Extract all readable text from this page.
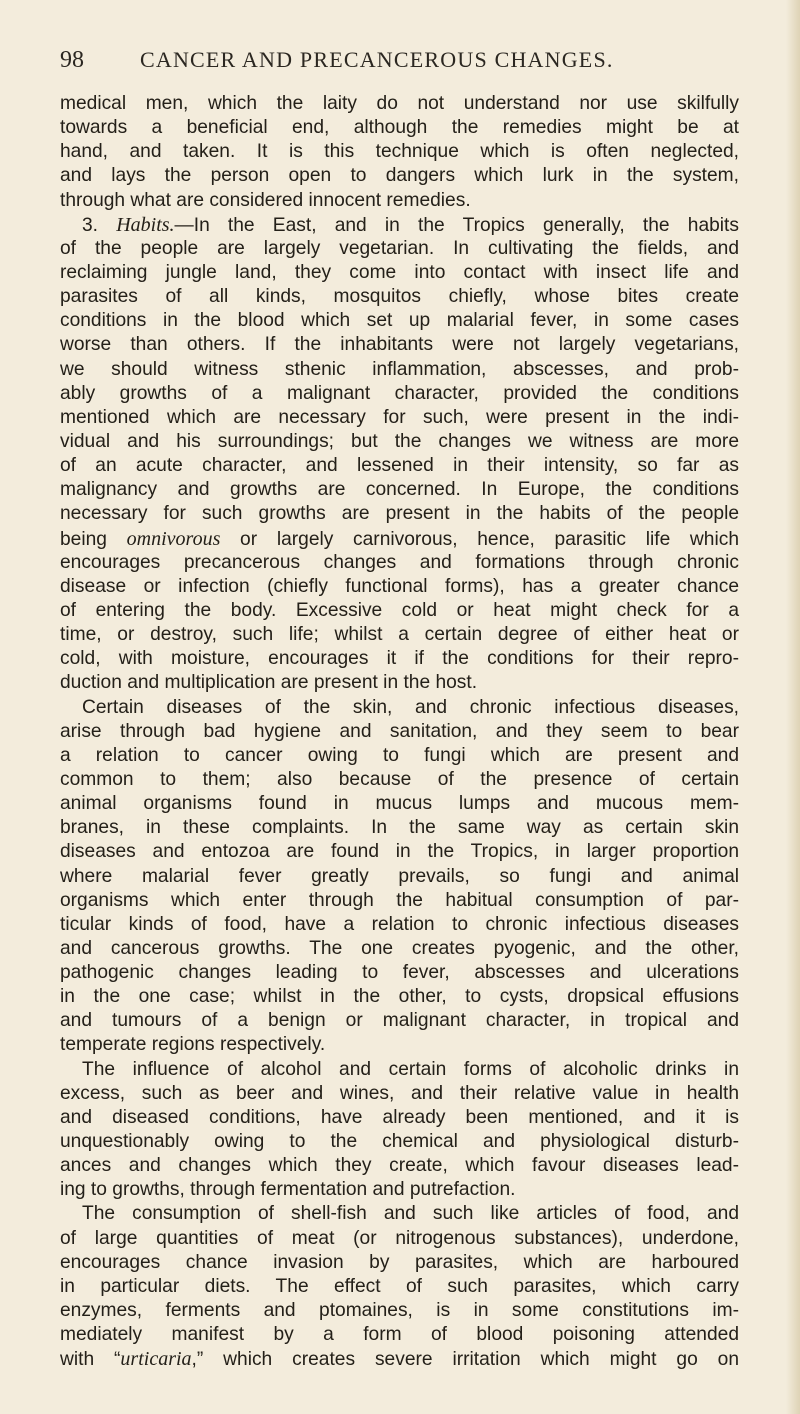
98	CANCER AND PRECANCEROUS CHANGES.
medical men, which the laity do not understand nor use skilfully
towards a beneficial end, although the remedies might be at
hand, and taken. It is this technique which is often neglected,
and lays the person open to dangers which lurk in the system,
through what are considered innocent remedies.
3. Habits.—In the East, and in the Tropics generally, the habits
of the people are largely vegetarian. In cultivating the fields, and
reclaiming jungle land, they come into contact with insect life and
parasites of all kinds, mosquitos chiefly, whose bites create
conditions in the blood which set up malarial fever, in some cases
worse than others. If the inhabitants were not largely vegetarians,
we should witness sthenic inflammation, abscesses, and prob-
ably growths of a malignant character, provided the conditions
mentioned which are necessary for such, were present in the indi-
vidual and his surroundings; but the changes we witness are more
of an acute character, and lessened in their intensity, so far as
malignancy and growths are concerned. In Europe, the conditions
necessary for such growths are present in the habits of the people
being omnivorous or largely carnivorous, hence, parasitic life which
encourages precancerous changes and formations through chronic
disease or infection (chiefly functional forms), has a greater chance
of entering the body. Excessive cold or heat might check for a
time, or destroy, such life; whilst a certain degree of either heat or
cold, with moisture, encourages it if the conditions for their repro-
duction and multiplication are present in the host.
Certain diseases of the skin, and chronic infectious diseases,
arise through bad hygiene and sanitation, and they seem to bear
a relation to cancer owing to fungi which are present and
common to them; also because of the presence of certain
animal organisms found in mucus lumps and mucous mem-
branes, in these complaints. In the same way as certain skin
diseases and entozoa are found in the Tropics, in larger proportion
where malarial fever greatly prevails, so fungi and animal
organisms which enter through the habitual consumption of par-
ticular kinds of food, have a relation to chronic infectious diseases
and cancerous growths. The one creates pyogenic, and the other,
pathogenic changes leading to fever, abscesses and ulcerations
in the one case; whilst in the other, to cysts, dropsical effusions
and tumours of a benign or malignant character, in tropical and
temperate regions respectively.
The influence of alcohol and certain forms of alcoholic drinks in
excess, such as beer and wines, and their relative value in health
and diseased conditions, have already been mentioned, and it is
unquestionably owing to the chemical and physiological disturb-
ances and changes which they create, which favour diseases lead-
ing to growths, through fermentation and putrefaction.
The consumption of shell-fish and such like articles of food, and
of large quantities of meat (or nitrogenous substances), underdone,
encourages chance invasion by parasites, which are harboured
in particular diets. The effect of such parasites, which carry
enzymes, ferments and ptomaines, is in some constitutions im-
mediately manifest by a form of blood poisoning attended
with “urticaria,” which creates severe irritation which might go on
